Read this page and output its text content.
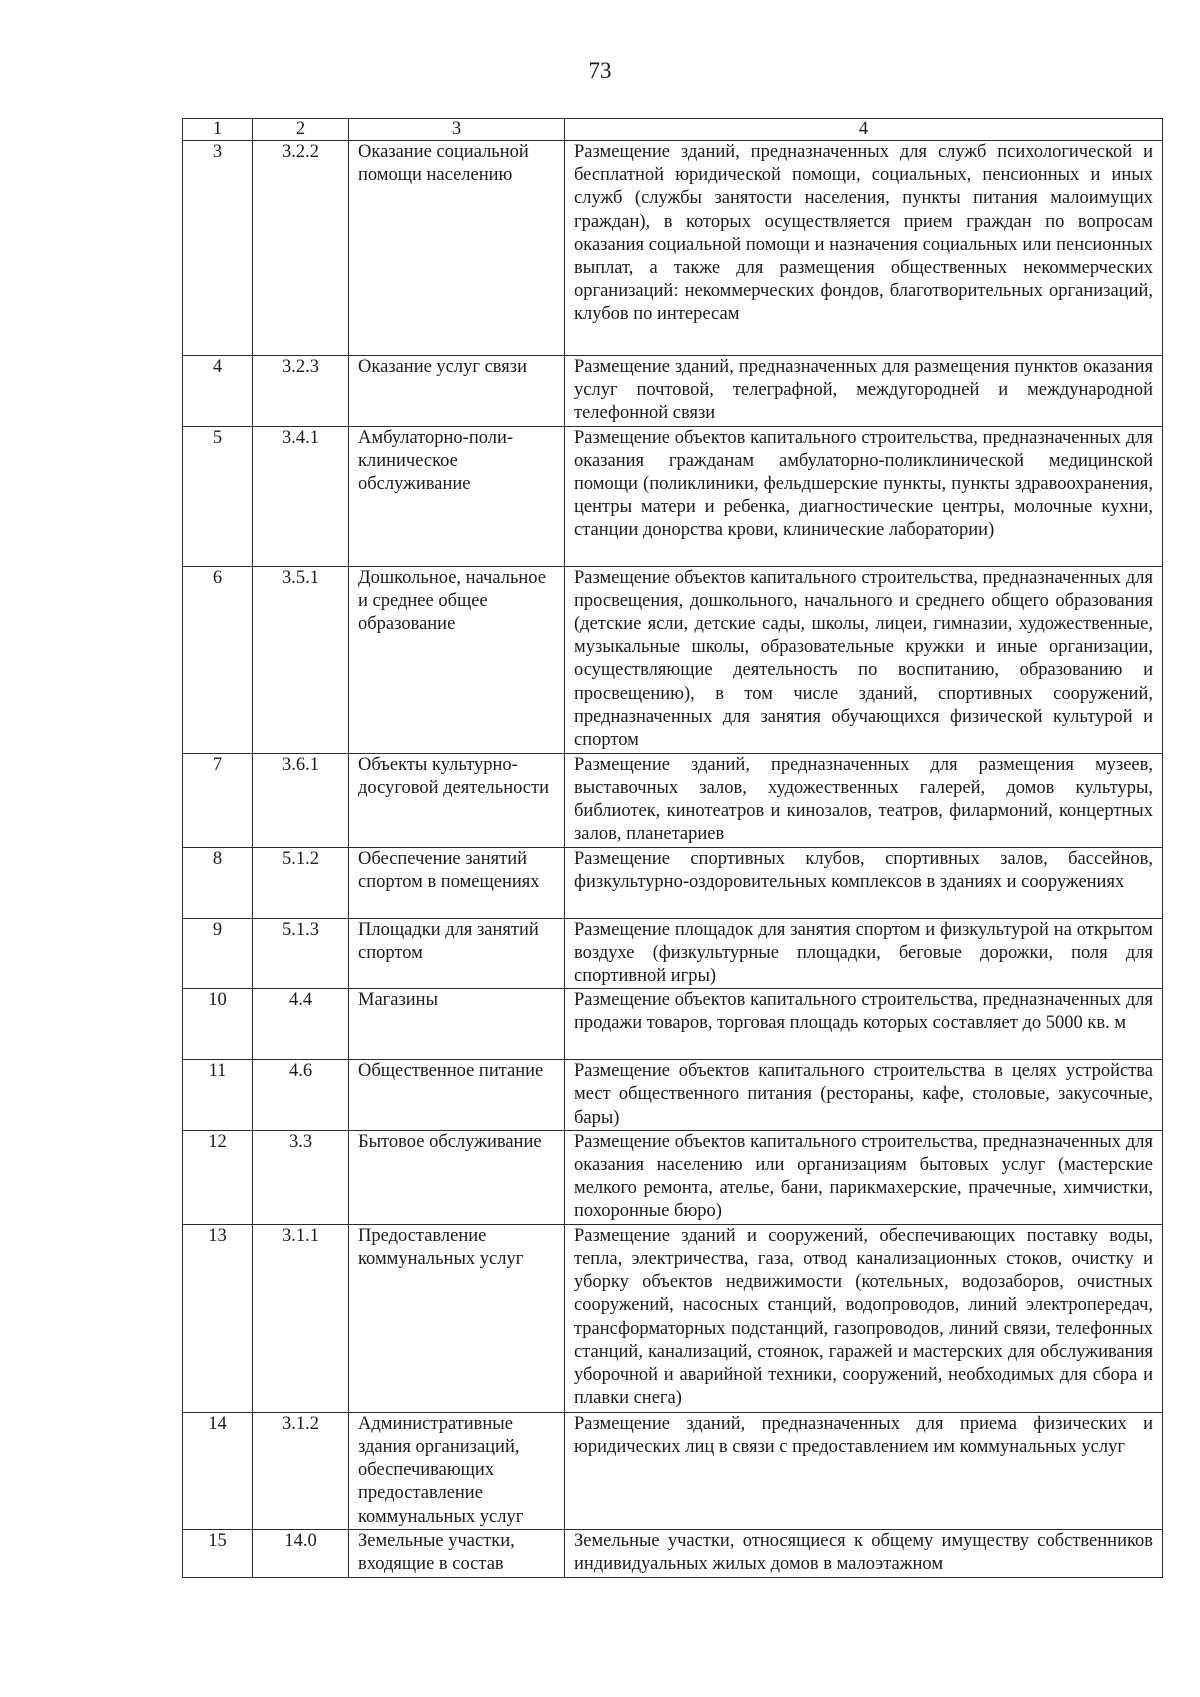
73
1	2	3	4
3	3.2.2	Оказание социальной помощи населению	Размещение зданий, предназначенных для служб психологической и бесплатной юридической помощи, социальных, пенсионных и иных служб (службы занятости населения, пункты питания малоимущих граждан), в которых осуществляется прием граждан по вопросам оказания социальной помощи и назначения социальных или пенсионных выплат, а также для размещения общественных некоммерческих организаций: некоммерческих фондов, благотворительных организаций, клубов по интересам
4	3.2.3	Оказание услуг связи	Размещение зданий, предназначенных для размещения пунктов оказания услуг почтовой, телеграфной, междугородней и международной телефонной связи
5	3.4.1	Амбулаторно-поли-клиническое обслуживание	Размещение объектов капитального строительства, предназначенных для оказания гражданам амбулаторно-поликлинической медицинской помощи (поликлиники, фельдшерские пункты, пункты здравоохранения, центры матери и ребенка, диагностические центры, молочные кухни, станции донорства крови, клинические лаборатории)
6	3.5.1	Дошкольное, начальное и среднее общее образование	Размещение объектов капитального строительства, предназначенных для просвещения, дошкольного, начального и среднего общего образования (детские ясли, детские сады, школы, лицеи, гимназии, художественные, музыкальные школы, образовательные кружки и иные организации, осуществляющие деятельность по воспитанию, образованию и просвещению), в том числе зданий, спортивных сооружений, предназначенных для занятия обучающихся физической культурой и спортом
7	3.6.1	Объекты культурно-досуговой деятельности	Размещение зданий, предназначенных для размещения музеев, выставочных залов, художественных галерей, домов культуры, библиотек, кинотеатров и кинозалов, театров, филармоний, концертных залов, планетариев
8	5.1.2	Обеспечение занятий спортом в помещениях	Размещение спортивных клубов, спортивных залов, бассейнов, физкультурно-оздоровительных комплексов в зданиях и сооружениях
9	5.1.3	Площадки для занятий спортом	Размещение площадок для занятия спортом и физкультурой на открытом воздухе (физкультурные площадки, беговые дорожки, поля для спортивной игры)
10	4.4	Магазины	Размещение объектов капитального строительства, предназначенных для продажи товаров, торговая площадь которых составляет до 5000 кв. м
11	4.6	Общественное питание	Размещение объектов капитального строительства в целях устройства мест общественного питания (рестораны, кафе, столовые, закусочные, бары)
12	3.3	Бытовое обслуживание	Размещение объектов капитального строительства, предназначенных для оказания населению или организациям бытовых услуг (мастерские мелкого ремонта, ателье, бани, парикмахерские, прачечные, химчистки, похоронные бюро)
13	3.1.1	Предоставление коммунальных услуг	Размещение зданий и сооружений, обеспечивающих поставку воды, тепла, электричества, газа, отвод канализационных стоков, очистку и уборку объектов недвижимости (котельных, водозаборов, очистных сооружений, насосных станций, водопроводов, линий электропередач, трансформаторных подстанций, газопроводов, линий связи, телефонных станций, канализаций, стоянок, гаражей и мастерских для обслуживания уборочной и аварийной техники, сооружений, необходимых для сбора и плавки снега)
14	3.1.2	Административные здания организаций, обеспечивающих предоставление коммунальных услуг	Размещение зданий, предназначенных для приема физических и юридических лиц в связи с предоставлением им коммунальных услуг
15	14.0	Земельные участки, входящие в состав	Земельные участки, относящиеся к общему имуществу собственников индивидуальных жилых домов в малоэтажном
